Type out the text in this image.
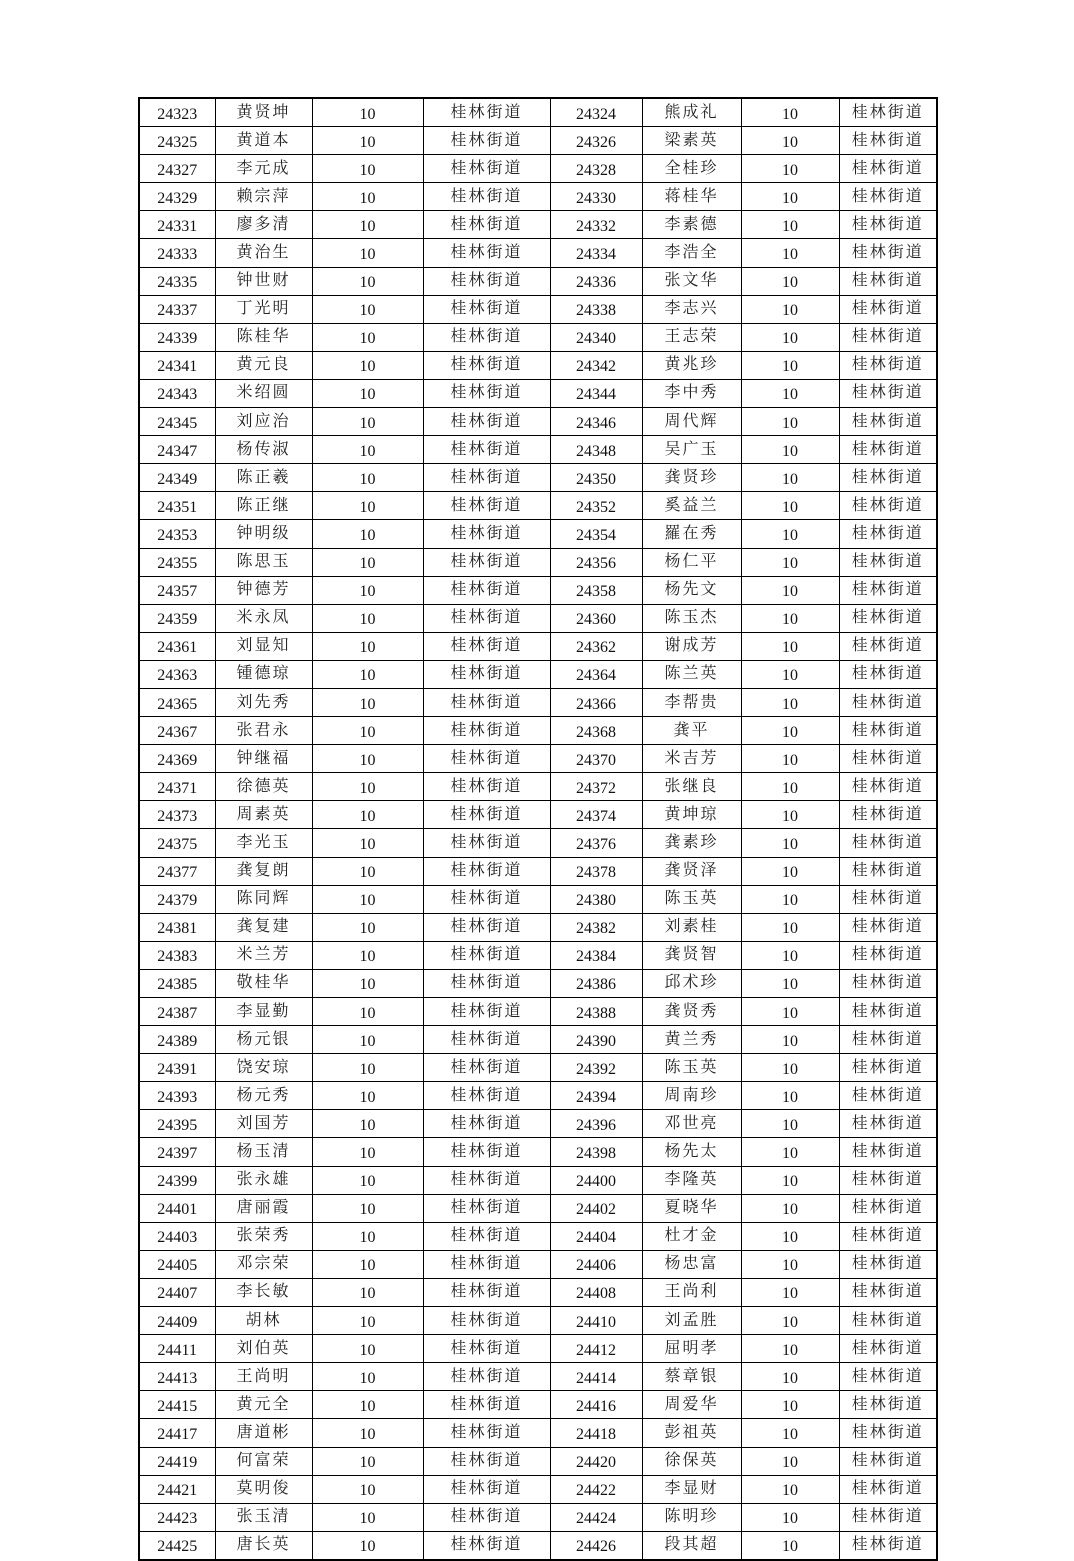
24323	黄贤坤	10	桂林街道	24324	熊成礼	10	桂林街道
24325	黄道本	10	桂林街道	24326	梁素英	10	桂林街道
24327	李元成	10	桂林街道	24328	全桂珍	10	桂林街道
24329	赖宗萍	10	桂林街道	24330	蒋桂华	10	桂林街道
24331	廖多清	10	桂林街道	24332	李素德	10	桂林街道
24333	黄治生	10	桂林街道	24334	李浩全	10	桂林街道
24335	钟世财	10	桂林街道	24336	张文华	10	桂林街道
24337	丁光明	10	桂林街道	24338	李志兴	10	桂林街道
24339	陈桂华	10	桂林街道	24340	王志荣	10	桂林街道
24341	黄元良	10	桂林街道	24342	黄兆珍	10	桂林街道
24343	米绍圆	10	桂林街道	24344	李中秀	10	桂林街道
24345	刘应治	10	桂林街道	24346	周代辉	10	桂林街道
24347	杨传淑	10	桂林街道	24348	吴广玉	10	桂林街道
24349	陈正羲	10	桂林街道	24350	龚贤珍	10	桂林街道
24351	陈正继	10	桂林街道	24352	奚益兰	10	桂林街道
24353	钟明级	10	桂林街道	24354	羅在秀	10	桂林街道
24355	陈思玉	10	桂林街道	24356	杨仁平	10	桂林街道
24357	钟德芳	10	桂林街道	24358	杨先文	10	桂林街道
24359	米永凤	10	桂林街道	24360	陈玉杰	10	桂林街道
24361	刘显知	10	桂林街道	24362	谢成芳	10	桂林街道
24363	锺德琼	10	桂林街道	24364	陈兰英	10	桂林街道
24365	刘先秀	10	桂林街道	24366	李帮贵	10	桂林街道
24367	张君永	10	桂林街道	24368	龚平	10	桂林街道
24369	钟继福	10	桂林街道	24370	米吉芳	10	桂林街道
24371	徐德英	10	桂林街道	24372	张继良	10	桂林街道
24373	周素英	10	桂林街道	24374	黄坤琼	10	桂林街道
24375	李光玉	10	桂林街道	24376	龚素珍	10	桂林街道
24377	龚复朗	10	桂林街道	24378	龚贤泽	10	桂林街道
24379	陈同辉	10	桂林街道	24380	陈玉英	10	桂林街道
24381	龚复建	10	桂林街道	24382	刘素桂	10	桂林街道
24383	米兰芳	10	桂林街道	24384	龚贤智	10	桂林街道
24385	敬桂华	10	桂林街道	24386	邱术珍	10	桂林街道
24387	李显勤	10	桂林街道	24388	龚贤秀	10	桂林街道
24389	杨元银	10	桂林街道	24390	黄兰秀	10	桂林街道
24391	饶安琼	10	桂林街道	24392	陈玉英	10	桂林街道
24393	杨元秀	10	桂林街道	24394	周南珍	10	桂林街道
24395	刘国芳	10	桂林街道	24396	邓世亮	10	桂林街道
24397	杨玉清	10	桂林街道	24398	杨先太	10	桂林街道
24399	张永雄	10	桂林街道	24400	李隆英	10	桂林街道
24401	唐丽霞	10	桂林街道	24402	夏晓华	10	桂林街道
24403	张荣秀	10	桂林街道	24404	杜才金	10	桂林街道
24405	邓宗荣	10	桂林街道	24406	杨忠富	10	桂林街道
24407	李长敏	10	桂林街道	24408	王尚利	10	桂林街道
24409	胡林	10	桂林街道	24410	刘孟胜	10	桂林街道
24411	刘伯英	10	桂林街道	24412	屈明孝	10	桂林街道
24413	王尚明	10	桂林街道	24414	蔡章银	10	桂林街道
24415	黄元全	10	桂林街道	24416	周爱华	10	桂林街道
24417	唐道彬	10	桂林街道	24418	彭祖英	10	桂林街道
24419	何富荣	10	桂林街道	24420	徐保英	10	桂林街道
24421	莫明俊	10	桂林街道	24422	李显财	10	桂林街道
24423	张玉清	10	桂林街道	24424	陈明珍	10	桂林街道
24425	唐长英	10	桂林街道	24426	段其超	10	桂林街道
